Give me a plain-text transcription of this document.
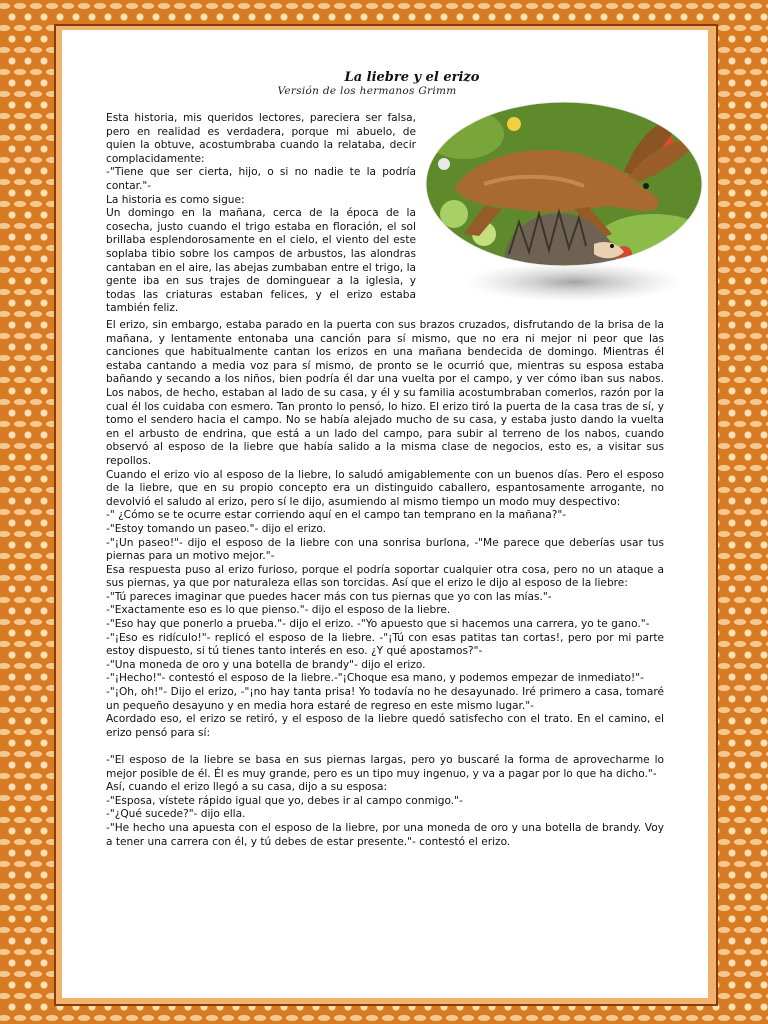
La liebre y el erizo
Versión de los hermanos Grimm

Esta historia, mis queridos lectores, pareciera ser falsa, pero en realidad es verdadera, porque mi abuelo, de quien la obtuve, acostumbraba cuando la relataba, decir complacidamente:

-"Tiene que ser cierta, hijo, o si no nadie te la podría contar."-

La historia es como sigue:

Un domingo en la mañana, cerca de la época de la cosecha, justo cuando el trigo estaba en floración, el sol brillaba esplendorosamente en el cielo, el viento del este soplaba tibio sobre los campos de arbustos, las alondras cantaban en el aire, las abejas zumbaban entre el trigo, la gente iba en sus trajes de dominguear a la iglesia, y todas las criaturas estaban felices, y el erizo estaba también feliz.

El erizo, sin embargo, estaba parado en la puerta con sus brazos cruzados, disfrutando de la brisa de la mañana, y lentamente entonaba una canción para sí mismo, que no era ni mejor ni peor que las canciones que habitualmente cantan los erizos en una mañana bendecida de domingo. Mientras él estaba cantando a media voz para sí mismo, de pronto se le ocurrió que, mientras su esposa estaba bañando y secando a los niños, bien podría él dar una vuelta por el campo, y ver cómo iban sus nabos. Los nabos, de hecho, estaban al lado de su casa, y él y su familia acostumbraban comerlos, razón por la cual él los cuidaba con esmero. Tan pronto lo pensó, lo hizo. El erizo tiró la puerta de la casa tras de sí, y tomo el sendero hacia el campo. No se había alejado mucho de su casa, y estaba justo dando la vuelta en el arbusto de endrina, que está a un lado del campo, para subir al terreno de los nabos, cuando observó al esposo de la liebre que había salido a la misma clase de negocios, esto es, a visitar sus repollos.

Cuando el erizo vio al esposo de la liebre, lo saludó amigablemente con un buenos días. Pero el esposo de la liebre, que en su propio concepto era un distinguido caballero, espantosamente arrogante, no devolvió el saludo al erizo, pero sí le dijo, asumiendo al mismo tiempo un modo muy despectivo:

-" ¿Cómo se te ocurre estar corriendo aquí en el campo tan temprano en la mañana?"-

-"Estoy tomando un paseo."- dijo el erizo.

-"¡Un paseo!"- dijo el esposo de la liebre con una sonrisa burlona, -"Me parece que deberías usar tus piernas para un motivo mejor."-

Esa respuesta puso al erizo furioso, porque el podría soportar cualquier otra cosa, pero no un ataque a sus piernas, ya que por naturaleza ellas son torcidas. Así que el erizo le dijo al esposo de la liebre:

-"Tú pareces imaginar que puedes hacer más con tus piernas que yo con las mías."-

-"Exactamente eso es lo que pienso."- dijo el esposo de la liebre.

-"Eso hay que ponerlo a prueba."- dijo el erizo. -"Yo apuesto que si hacemos una carrera, yo te gano."-

-"¡Eso es ridículo!"- replicó el esposo de la liebre. -"¡Tú con esas patitas tan cortas!, pero por mi parte estoy dispuesto, si tú tienes tanto interés en eso. ¿Y qué apostamos?"-

-"Una moneda de oro y una botella de brandy"- dijo el erizo.

-"¡Hecho!"- contestó el esposo de la liebre.-"¡Choque esa mano, y podemos empezar de inmediato!"-

-"¡Oh, oh!"- Dijo el erizo, -"¡no hay tanta prisa! Yo todavía no he desayunado. Iré primero a casa, tomaré un pequeño desayuno y en media hora estaré de regreso en este mismo lugar."-

Acordado eso, el erizo se retiró, y el esposo de la liebre quedó satisfecho con el trato. En el camino, el erizo pensó para sí:

-"El esposo de la liebre se basa en sus piernas largas, pero yo buscaré la forma de aprovecharme lo mejor posible de él. Él es muy grande, pero es un tipo muy ingenuo, y va a pagar por lo que ha dicho."-

Así, cuando el erizo llegó a su casa, dijo a su esposa:

-"Esposa, vístete rápido igual que yo, debes ir al campo conmigo."-

-"¿Qué sucede?"- dijo ella.

-"He hecho una apuesta con el esposo de la liebre, por una moneda de oro y una botella de brandy. Voy a tener una carrera con él, y tú debes de estar presente."- contestó el erizo.
